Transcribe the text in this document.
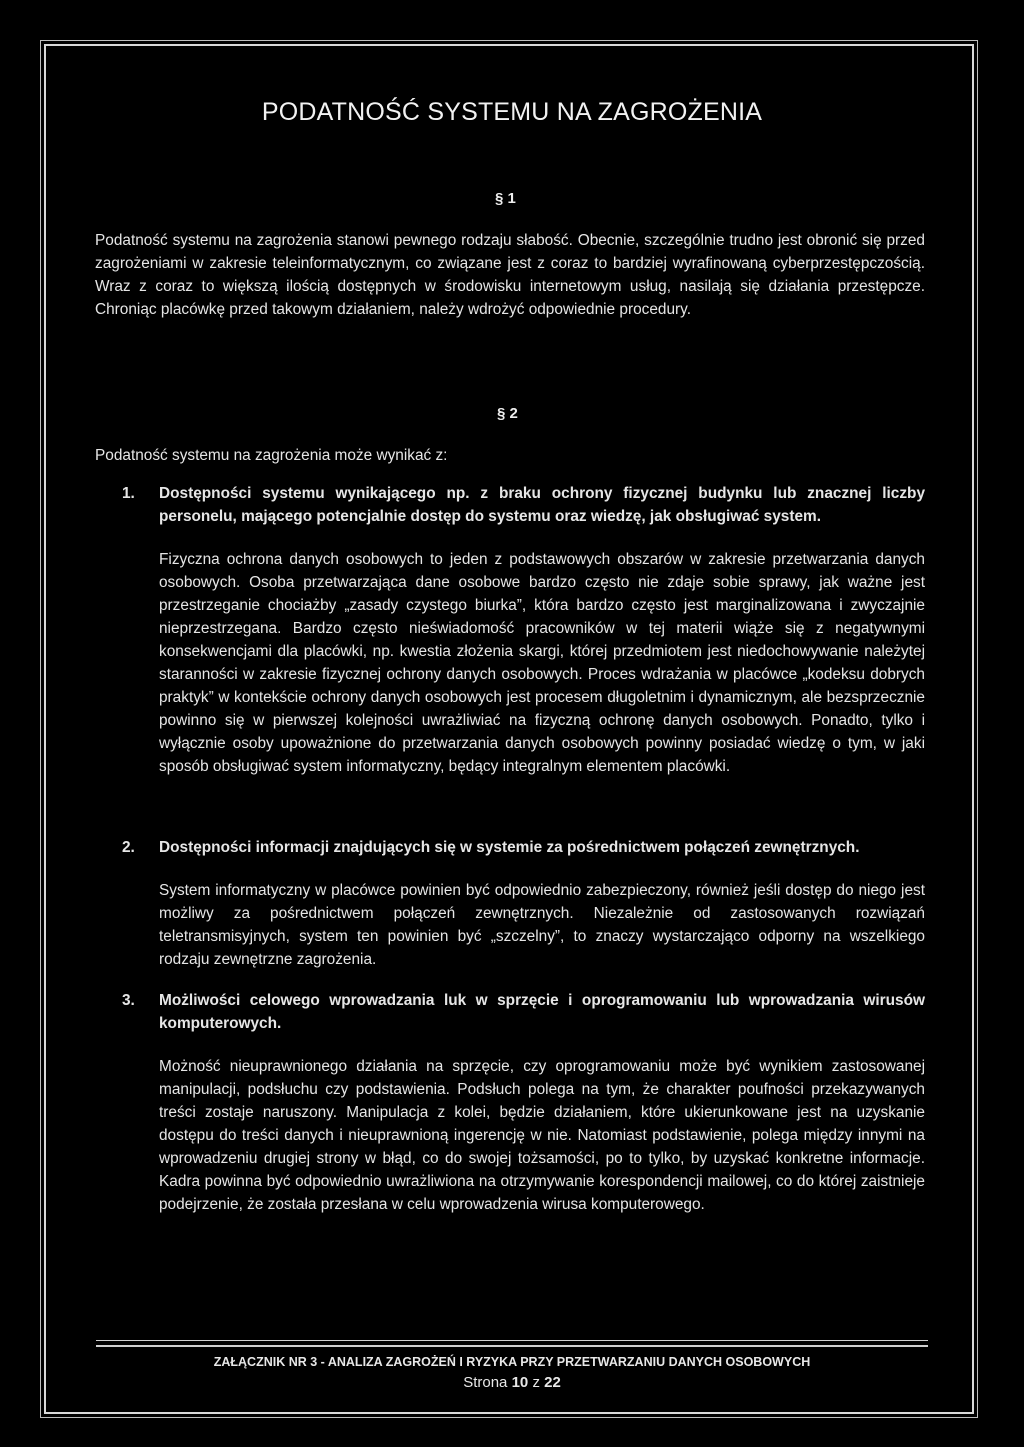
PODATNOŚĆ SYSTEMU NA ZAGROŻENIA
§ 1

Podatność systemu na zagrożenia stanowi pewnego rodzaju słabość. Obecnie, szczególnie trudno jest obronić się przed zagrożeniami w zakresie teleinformatycznym, co związane jest z coraz to bardziej wyrafinowaną cyberprzestępczością. Wraz z coraz to większą ilością dostępnych w środowisku internetowym usług, nasilają się działania przestępcze. Chroniąc placówkę przed takowym działaniem, należy wdrożyć odpowiednie procedury.

§ 2
Podatność systemu na zagrożenia może wynikać z:
1. Dostępności systemu wynikającego np. z braku ochrony fizycznej budynku lub znacznej liczby personelu, mającego potencjalnie dostęp do systemu oraz wiedzę, jak obsługiwać system.

Fizyczna ochrona danych osobowych to jeden z podstawowych obszarów w zakresie przetwarzania danych osobowych. Osoba przetwarzająca dane osobowe bardzo często nie zdaje sobie sprawy, jak ważne jest przestrzeganie chociażby „zasady czystego biurka”, która bardzo często jest marginalizowana i zwyczajnie nieprzestrzegana. Bardzo często nieświadomość pracowników w tej materii wiąże się z negatywnymi konsekwencjami dla placówki, np. kwestia złożenia skargi, której przedmiotem jest niedochowywanie należytej staranności w zakresie fizycznej ochrony danych osobowych. Proces wdrażania w placówce „kodeksu dobrych praktyk” w kontekście ochrony danych osobowych jest procesem długoletnim i dynamicznym, ale bezsprzecznie powinno się w pierwszej kolejności uwrażliwiać na fizyczną ochronę danych osobowych. Ponadto, tylko i wyłącznie osoby upoważnione do przetwarzania danych osobowych powinny posiadać wiedzę o tym, w jaki sposób obsługiwać system informatyczny, będący integralnym elementem placówki.

2. Dostępności informacji znajdujących się w systemie za pośrednictwem połączeń zewnętrznych.

System informatyczny w placówce powinien być odpowiednio zabezpieczony, również jeśli dostęp do niego jest możliwy za pośrednictwem połączeń zewnętrznych. Niezależnie od zastosowanych rozwiązań teletransmisyjnych, system ten powinien być „szczelny”, to znaczy wystarczająco odporny na wszelkiego rodzaju zewnętrzne zagrożenia.

3. Możliwości celowego wprowadzania luk w sprzęcie i oprogramowaniu lub wprowadzania wirusów komputerowych.

Możność nieuprawnionego działania na sprzęcie, czy oprogramowaniu może być wynikiem zastosowanej manipulacji, podsłuchu czy podstawienia. Podsłuch polega na tym, że charakter poufności przekazywanych treści zostaje naruszony. Manipulacja z kolei, będzie działaniem, które ukierunkowane jest na uzyskanie dostępu do treści danych i nieuprawnioną ingerencję w nie. Natomiast podstawienie, polega między innymi na wprowadzeniu drugiej strony w błąd, co do swojej tożsamości, po to tylko, by uzyskać konkretne informacje. Kadra powinna być odpowiednio uwrażliwiona na otrzymywanie korespondencji mailowej, co do której zaistnieje podejrzenie, że została przesłana w celu wprowadzenia wirusa komputerowego.

ZAŁĄCZNIK NR 3 - ANALIZA ZAGROŻEŃ I RYZYKA PRZY PRZETWARZANIU DANYCH OSOBOWYCH
Strona 10 z 22
